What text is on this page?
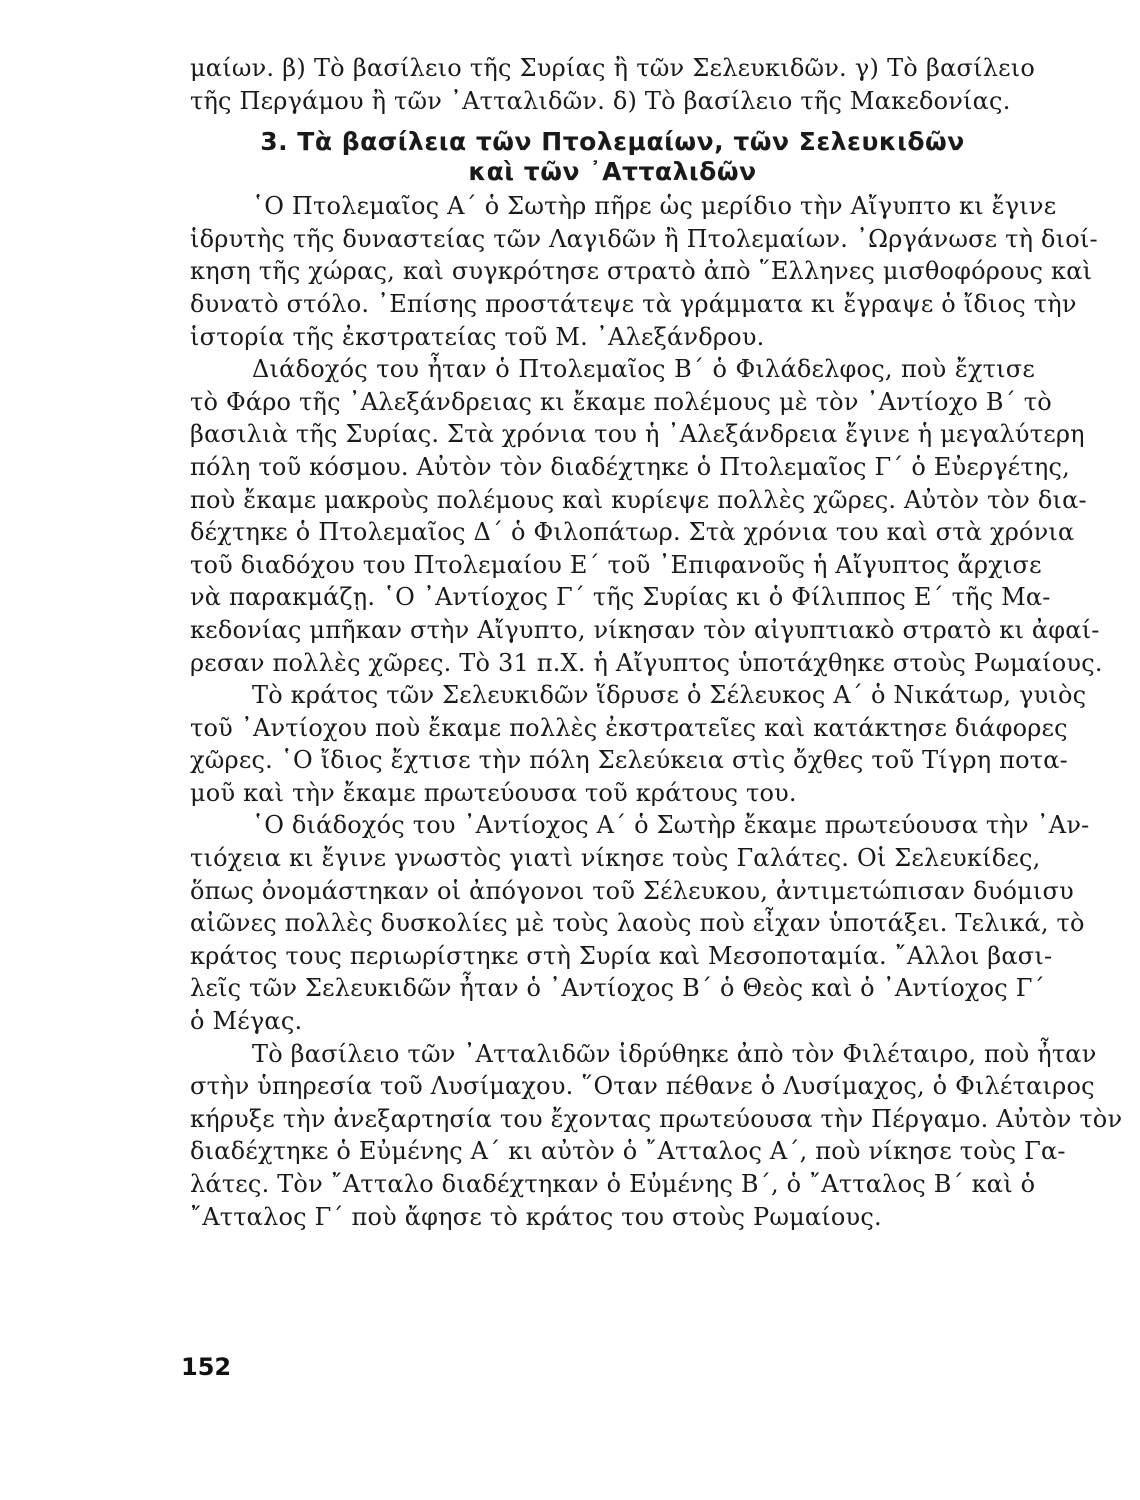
μαίων. β) Τὸ βασίλειο τῆς Συρίας ἢ τῶν Σελευκιδῶν. γ) Τὸ βασίλειο
τῆς Περγάμου ἢ τῶν ᾿Ατταλιδῶν. δ) Τὸ βασίλειο τῆς Μακεδονίας.
3. Τὰ βασίλεια τῶν Πτολεμαίων, τῶν Σελευκιδῶν
καὶ τῶν ᾿Ατταλιδῶν
῾Ο Πτολεμαῖος Α΄ ὁ Σωτὴρ πῆρε ὡς μερίδιο τὴν Αἴγυπτο κι ἔγινε
ἱδρυτὴς τῆς δυναστείας τῶν Λαγιδῶν ἢ Πτολεμαίων. ᾿Ωργάνωσε τὴ διοί-
κηση τῆς χώρας, καὶ συγκρότησε στρατὸ ἀπὸ ῞Ελληνες μισθοφόρους καὶ
δυνατὸ στόλο. ᾿Επίσης προστάτεψε τὰ γράμματα κι ἔγραψε ὁ ἴδιος τὴν
ἱστορία τῆς ἐκστρατείας τοῦ Μ. ᾿Αλεξάνδρου.
Διάδοχός του ἦταν ὁ Πτολεμαῖος Β΄ ὁ Φιλάδελφος, ποὺ ἔχτισε
τὸ Φάρο τῆς ᾿Αλεξάνδρειας κι ἔκαμε πολέμους μὲ τὸν ᾿Αντίοχο Β΄ τὸ
βασιλιὰ τῆς Συρίας. Στὰ χρόνια του ἡ ᾿Αλεξάνδρεια ἔγινε ἡ μεγαλύτερη
πόλη τοῦ κόσμου. Αὐτὸν τὸν διαδέχτηκε ὁ Πτολεμαῖος Γ΄ ὁ Εὐεργέτης,
ποὺ ἔκαμε μακροὺς πολέμους καὶ κυρίεψε πολλὲς χῶρες. Αὐτὸν τὸν δια-
δέχτηκε ὁ Πτολεμαῖος Δ΄ ὁ Φιλοπάτωρ. Στὰ χρόνια του καὶ στὰ χρόνια
τοῦ διαδόχου του Πτολεμαίου Ε΄ τοῦ ᾿Επιφανοῦς ἡ Αἴγυπτος ἄρχισε
νὰ παρακμάζῃ. ῾Ο ᾿Αντίοχος Γ΄ τῆς Συρίας κι ὁ Φίλιππος Ε΄ τῆς Μα-
κεδονίας μπῆκαν στὴν Αἴγυπτο, νίκησαν τὸν αἰγυπτιακὸ στρατὸ κι ἀφαί-
ρεσαν πολλὲς χῶρες. Τὸ 31 π.Χ. ἡ Αἴγυπτος ὑποτάχθηκε στοὺς Ρωμαίους.
Τὸ κράτος τῶν Σελευκιδῶν ἵδρυσε ὁ Σέλευκος Α΄ ὁ Νικάτωρ, γυιὸς
τοῦ ᾿Αντίοχου ποὺ ἔκαμε πολλὲς ἐκστρατεῖες καὶ κατάκτησε διάφορες
χῶρες. ῾Ο ἴδιος ἔχτισε τὴν πόλη Σελεύκεια στὶς ὄχθες τοῦ Τίγρη ποτα-
μοῦ καὶ τὴν ἔκαμε πρωτεύουσα τοῦ κράτους του.
῾Ο διάδοχός του ᾿Αντίοχος Α΄ ὁ Σωτὴρ ἔκαμε πρωτεύουσα τὴν ᾿Αν-
τιόχεια κι ἔγινε γνωστὸς γιατὶ νίκησε τοὺς Γαλάτες. Οἱ Σελευκίδες,
ὅπως ὀνομάστηκαν οἱ ἀπόγονοι τοῦ Σέλευκου, ἀντιμετώπισαν δυόμισυ
αἰῶνες πολλὲς δυσκολίες μὲ τοὺς λαοὺς ποὺ εἶχαν ὑποτάξει. Τελικά, τὸ
κράτος τους περιωρίστηκε στὴ Συρία καὶ Μεσοποταμία. ῎Αλλοι βασι-
λεῖς τῶν Σελευκιδῶν ἦταν ὁ ᾿Αντίοχος Β΄ ὁ Θεὸς καὶ ὁ ᾿Αντίοχος Γ΄
ὁ Μέγας.
Τὸ βασίλειο τῶν ᾿Ατταλιδῶν ἱδρύθηκε ἀπὸ τὸν Φιλέταιρο, ποὺ ἦταν
στὴν ὑπηρεσία τοῦ Λυσίμαχου. ῞Οταν πέθανε ὁ Λυσίμαχος, ὁ Φιλέταιρος
κήρυξε τὴν ἀνεξαρτησία του ἔχοντας πρωτεύουσα τὴν Πέργαμο. Αὐτὸν τὸν
διαδέχτηκε ὁ Εὐμένης Α΄ κι αὐτὸν ὁ ῎Ατταλος Α΄, ποὺ νίκησε τοὺς Γα-
λάτες. Τὸν ῎Ατταλο διαδέχτηκαν ὁ Εὐμένης Β΄, ὁ ῎Ατταλος Β΄ καὶ ὁ
῎Ατταλος Γ΄ ποὺ ἄφησε τὸ κράτος του στοὺς Ρωμαίους.
152
